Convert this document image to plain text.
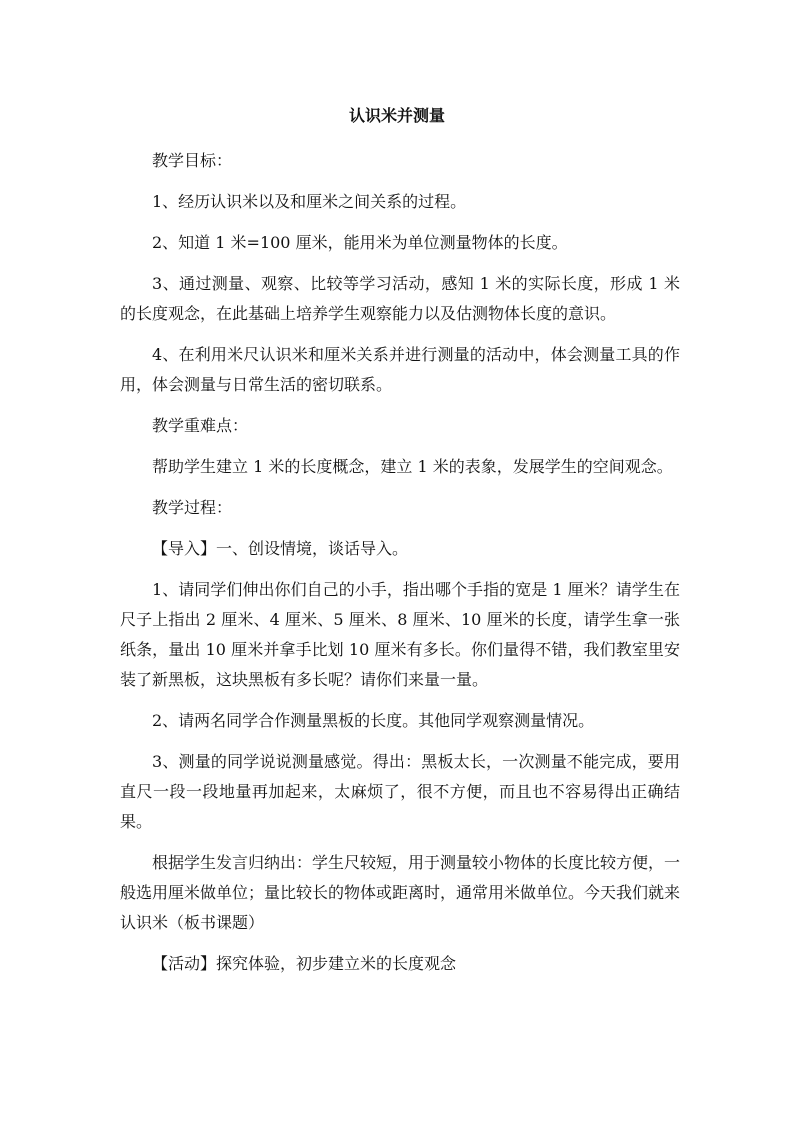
认识米并测量

教学目标：

1、经历认识米以及和厘米之间关系的过程。

2、知道 1 米=100 厘米，能用米为单位测量物体的长度。

3、通过测量、观察、比较等学习活动，感知 1 米的实际长度，形成 1 米的长度观念，在此基础上培养学生观察能力以及估测物体长度的意识。

4、在利用米尺认识米和厘米关系并进行测量的活动中，体会测量工具的作用，体会测量与日常生活的密切联系。

教学重难点：

帮助学生建立 1 米的长度概念，建立 1 米的表象，发展学生的空间观念。

教学过程：

【导入】一、创设情境，谈话导入。

1、请同学们伸出你们自己的小手，指出哪个手指的宽是 1 厘米？请学生在尺子上指出 2 厘米、4 厘米、5 厘米、8 厘米、10 厘米的长度，请学生拿一张纸条，量出 10 厘米并拿手比划 10 厘米有多长。你们量得不错，我们教室里安装了新黑板，这块黑板有多长呢？请你们来量一量。

2、请两名同学合作测量黑板的长度。其他同学观察测量情况。

3、测量的同学说说测量感觉。得出：黑板太长，一次测量不能完成，要用直尺一段一段地量再加起来，太麻烦了，很不方便，而且也不容易得出正确结果。

根据学生发言归纳出：学生尺较短，用于测量较小物体的长度比较方便，一般选用厘米做单位；量比较长的物体或距离时，通常用米做单位。今天我们就来认识米（板书课题）

【活动】探究体验，初步建立米的长度观念
